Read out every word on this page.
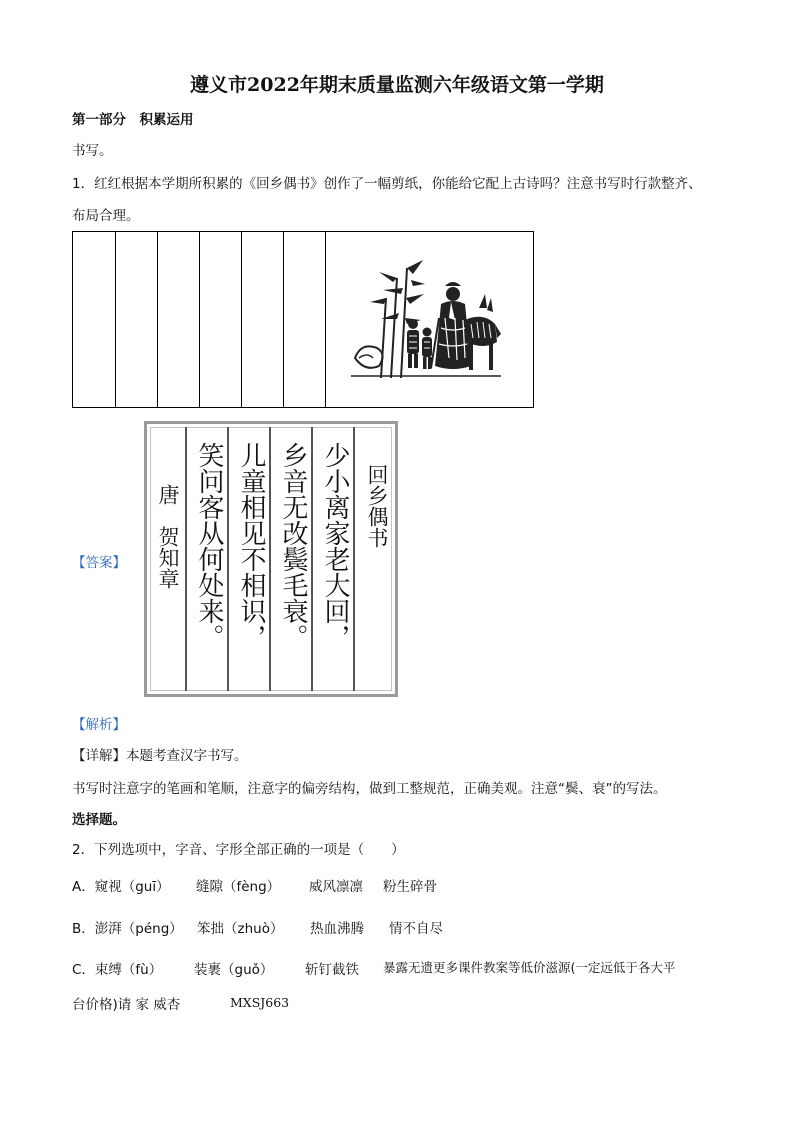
遵义市2022年期末质量监测六年级语文第一学期
第一部分　积累运用
书写。
1．红红根据本学期所积累的《回乡偶书》创作了一幅剪纸，你能给它配上古诗吗？注意书写时行款整齐、
布局合理。
【答案】
回乡偶书
少小离家老大回，
乡音无改鬓毛衰。
儿童相见不相识，
笑问客从何处来。
唐　贺知章
【解析】
【详解】本题考查汉字书写。
书写时注意字的笔画和笔顺，注意字的偏旁结构，做到工整规范，正确美观。注意“鬓、衰”的写法。
选择题。
2．下列选项中，字音、字形全部正确的一项是（　　）
A．窥视（guī） 缝隙（fèng） 威风凛凛 粉生碎骨
B．澎湃（péng） 笨拙（zhuò） 热血沸腾 情不自尽
C．束缚（fù） 装裹（guǒ） 斩钉截铁 暴露无遗更多课件教案等低价滋源(一定远低于各大平
台价格)请 家 威杏	MXSJ663
